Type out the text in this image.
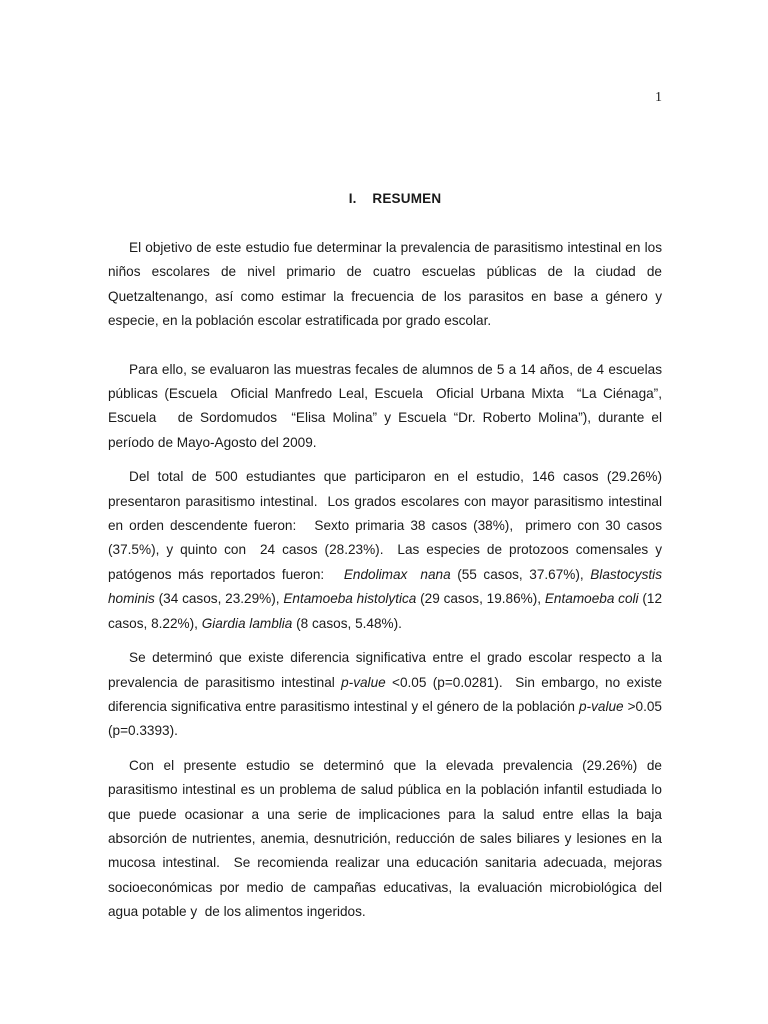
1
I.    RESUMEN

El objetivo de este estudio fue determinar la prevalencia de parasitismo intestinal en los niños escolares de nivel primario de cuatro escuelas públicas de la ciudad de Quetzaltenango, así como estimar la frecuencia de los parasitos en base a género y especie, en la población escolar estratificada por grado escolar.

Para ello, se evaluaron las muestras fecales de alumnos de 5 a 14 años, de 4 escuelas públicas (Escuela  Oficial Manfredo Leal, Escuela  Oficial Urbana Mixta  “La Ciénaga”, Escuela   de Sordomudos  “Elisa Molina” y Escuela “Dr. Roberto Molina”), durante el período de Mayo-Agosto del 2009.

Del total de 500 estudiantes que participaron en el estudio, 146 casos (29.26%) presentaron parasitismo intestinal.  Los grados escolares con mayor parasitismo intestinal en orden descendente fueron:   Sexto primaria 38 casos (38%),  primero con 30 casos (37.5%), y quinto con  24 casos (28.23%).  Las especies de protozoos comensales y patógenos más reportados fueron:   Endolimax  nana (55 casos, 37.67%), Blastocystis hominis (34 casos, 23.29%), Entamoeba histolytica (29 casos, 19.86%), Entamoeba coli (12 casos, 8.22%), Giardia lamblia (8 casos, 5.48%).

Se determinó que existe diferencia significativa entre el grado escolar respecto a la prevalencia de parasitismo intestinal p-value <0.05 (p=0.0281).  Sin embargo, no existe diferencia significativa entre parasitismo intestinal y el género de la población p-value >0.05 (p=0.3393).

Con el presente estudio se determinó que la elevada prevalencia (29.26%) de parasitismo intestinal es un problema de salud pública en la población infantil estudiada lo que puede ocasionar a una serie de implicaciones para la salud entre ellas la baja absorción de nutrientes, anemia, desnutrición, reducción de sales biliares y lesiones en la mucosa intestinal.  Se recomienda realizar una educación sanitaria adecuada, mejoras socioeconómicas por medio de campañas educativas, la evaluación microbiológica del agua potable y  de los alimentos ingeridos.
